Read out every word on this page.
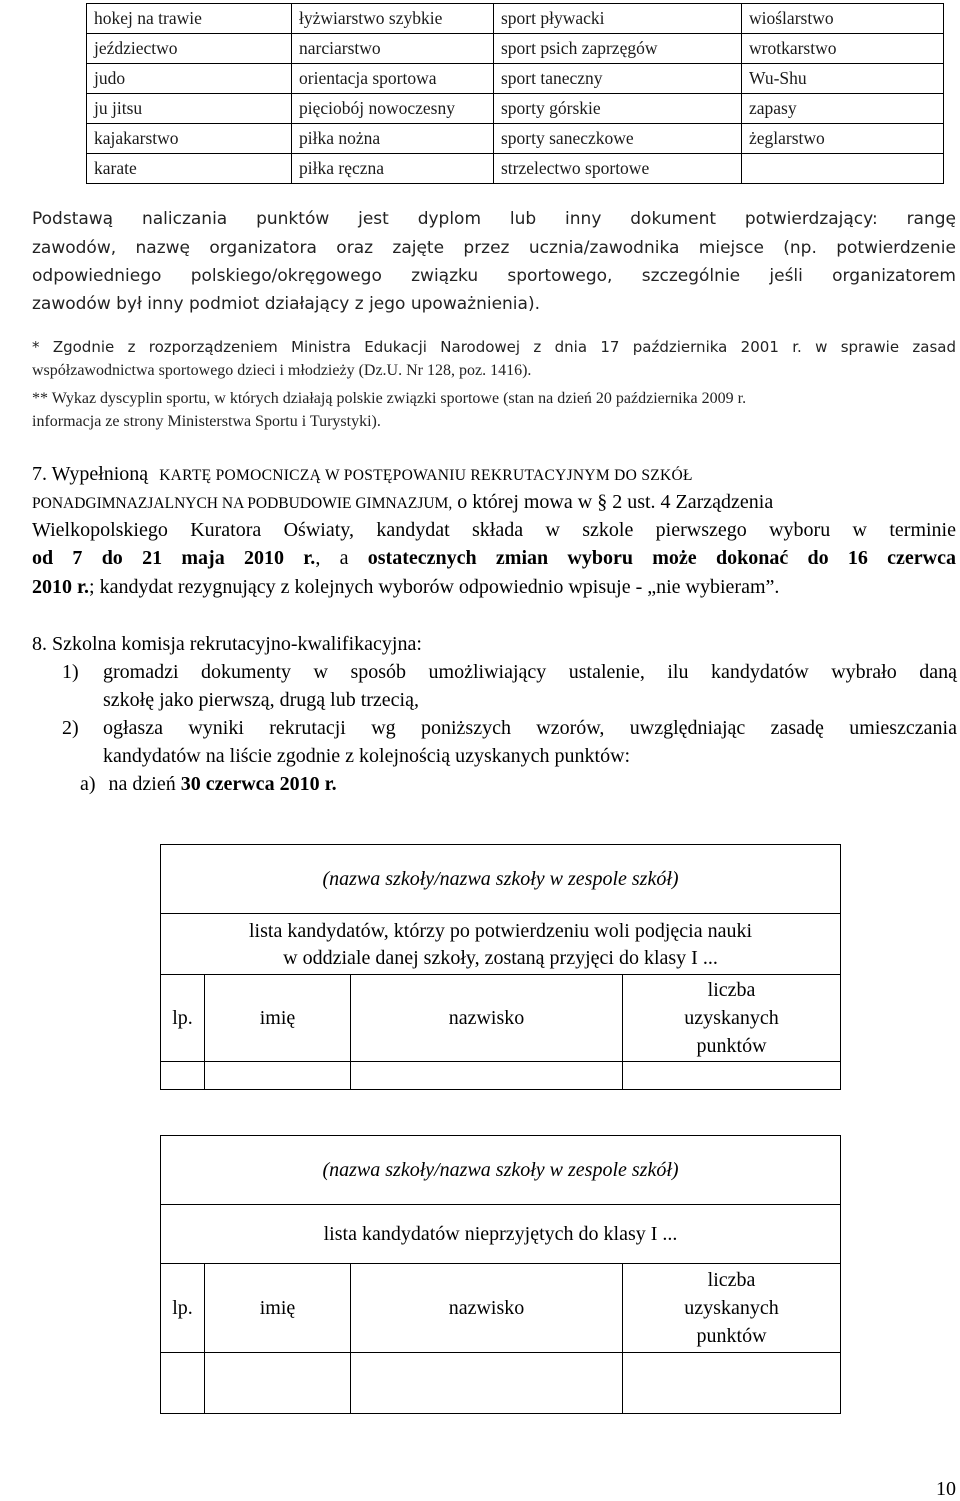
hokej na trawie	łyżwiarstwo szybkie	sport pływacki	wioślarstwo
jeździectwo	narciarstwo	sport psich zaprzęgów	wrotkarstwo
judo	orientacja sportowa	sport taneczny	Wu-Shu
ju jitsu	pięciobój nowoczesny	sporty górskie	zapasy
kajakarstwo	piłka nożna	sporty saneczkowe	żeglarstwo
karate	piłka ręczna	strzelectwo sportowe	
Podstawą naliczania punktów jest dyplom lub inny dokument potwierdzający: rangę
zawodów, nazwę organizatora oraz zajęte przez ucznia/zawodnika miejsce (np. potwierdzenie
odpowiedniego polskiego/okręgowego związku sportowego, szczególnie jeśli organizatorem
zawodów był inny podmiot działający z jego upoważnienia).
* Zgodnie z rozporządzeniem Ministra Edukacji Narodowej z dnia 17 października 2001 r. w sprawie zasad
współzawodnictwa sportowego dzieci i młodzieży (Dz.U. Nr 128, poz. 1416).
** Wykaz dyscyplin sportu, w których działają polskie związki sportowe (stan na dzień 20 października 2009 r.
informacja ze strony Ministerstwa Sportu i Turystyki).
7. Wypełnioną KARTĘ POMOCNICZĄ W POSTĘPOWANIU REKRUTACYJNYM DO SZKÓŁ
PONADGIMNAZJALNYCH NA PODBUDOWIE GIMNAZJUM, o której mowa w § 2 ust. 4 Zarządzenia
Wielkopolskiego Kuratora Oświaty, kandydat składa w szkole pierwszego wyboru w terminie
od 7 do 21 maja 2010 r., a ostatecznych zmian wyboru może dokonać do 16 czerwca
2010 r.; kandydat rezygnujący z kolejnych wyborów odpowiednio wpisuje - „nie wybieram”.
8. Szkolna komisja rekrutacyjno-kwalifikacyjna:
1) gromadzi dokumenty w sposób umożliwiający ustalenie, ilu kandydatów wybrało daną
szkołę jako pierwszą, drugą lub trzecią,
2) ogłasza wyniki rekrutacji wg poniższych wzorów, uwzględniając zasadę umieszczania
kandydatów na liście zgodnie z kolejnością uzyskanych punktów:
a) na dzień 30 czerwca 2010 r.
(nazwa szkoły/nazwa szkoły w zespole szkół)			

lista kandydatów, którzy po potwierdzeniu woli podjęcia nauki
w oddziale danej szkoły, zostaną przyjęci do klasy I ...			

lp.	imię	nazwisko	liczba
uzyskanych
punktów

(nazwa szkoły/nazwa szkoły w zespole szkół)			
lista kandydatów nieprzyjętych do klasy I ...			
lp.	imię	nazwisko	liczba
uzyskanych
punktów

10
